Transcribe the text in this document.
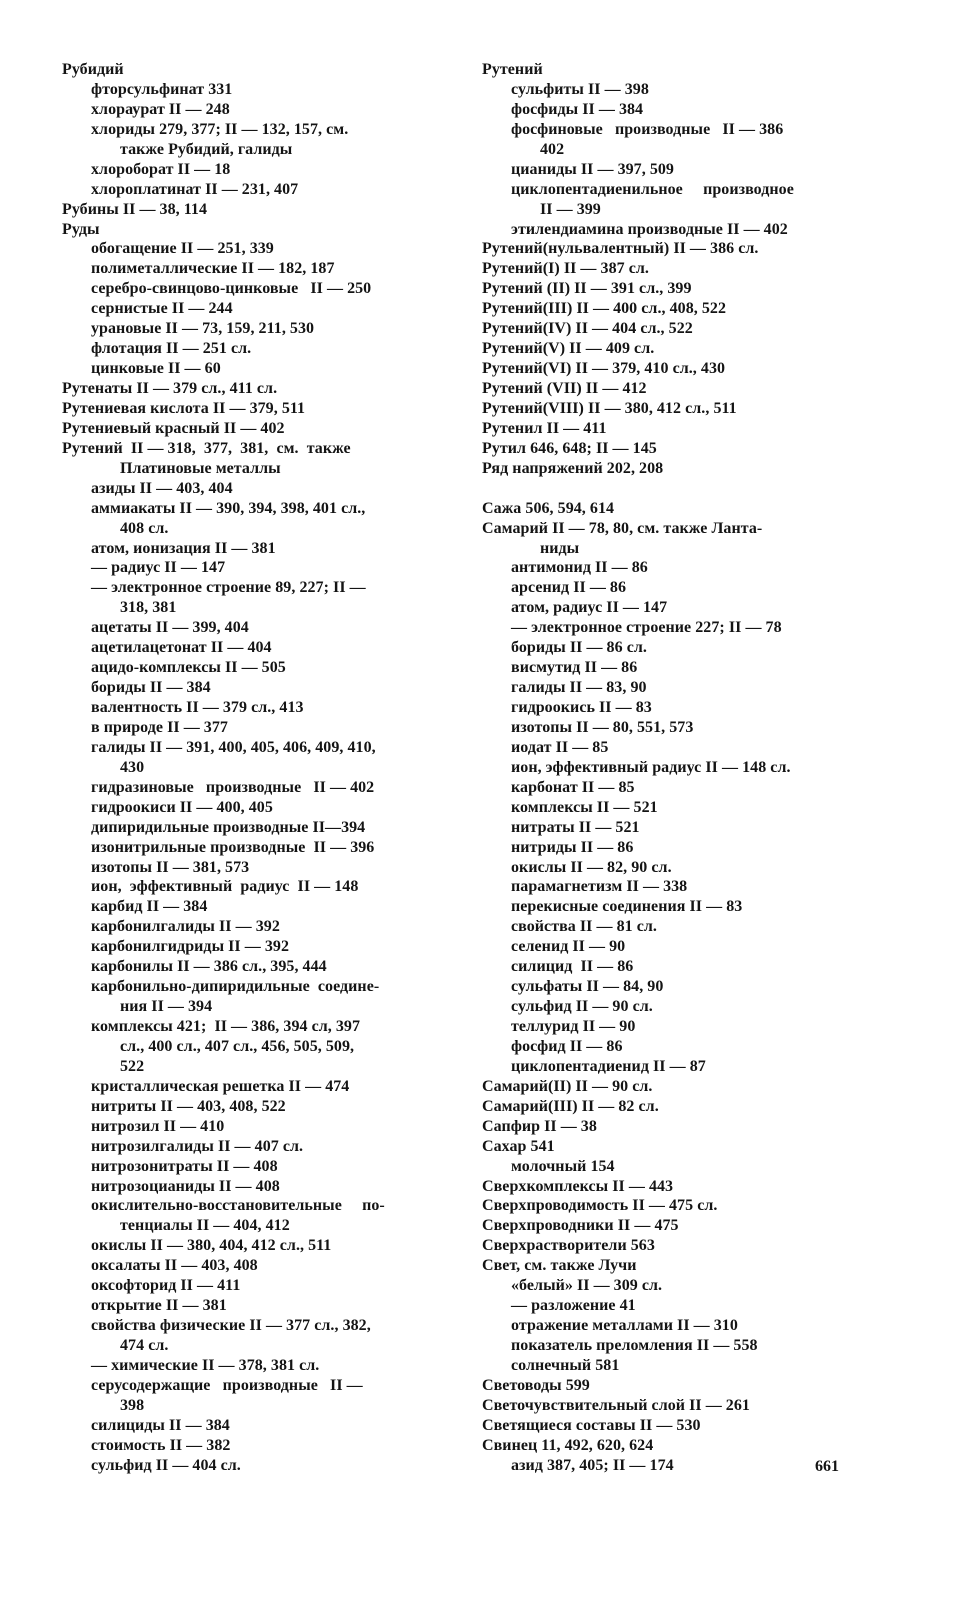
Рубидий
фторсульфинат 331
хлораурат II — 248
хлориды 279, 377; II — 132, 157, см.
также Рубидий, галиды
хлороборат II — 18
хлороплатинат II — 231, 407
Рубины II — 38, 114
Руды
обогащение II — 251, 339
полиметаллические II — 182, 187
серебро-свинцово-цинковые   II — 250
сернистые II — 244
урановые II — 73, 159, 211, 530
флотация II — 251 сл.
цинковые II — 60
Рутенаты II — 379 сл., 411 сл.
Рутениевая кислота II — 379, 511
Рутениевый красный II — 402
Рутений  II — 318,  377,  381,  см.  также
Платиновые металлы
азиды II — 403, 404
аммиакаты II — 390, 394, 398, 401 сл.,
408 сл.
атом, ионизация II — 381
— радиус II — 147
— электронное строение 89, 227; II —
318, 381
ацетаты II — 399, 404
ацетилацетонат II — 404
ацидо-комплексы II — 505
бориды II — 384
валентность II — 379 сл., 413
в природе II — 377
галиды II — 391, 400, 405, 406, 409, 410,
430
гидразиновые   производные   II — 402
гидроокиси II — 400, 405
дипиридильные производные II—394
изонитрильные производные  II — 396
изотопы II — 381, 573
ион,  эффективный  радиус  II — 148
карбид II — 384
карбонилгалиды II — 392
карбонилгидриды II — 392
карбонилы II — 386 сл., 395, 444
карбонильно-дипиридильные  соедине-
ния II — 394
комплексы 421;  II — 386, 394 сл, 397
сл., 400 сл., 407 сл., 456, 505, 509,
522
кристаллическая решетка II — 474
нитриты II — 403, 408, 522
нитрозил II — 410
нитрозилгалиды II — 407 сл.
нитрозонитраты II — 408
нитрозоцианиды II — 408
окислительно-восстановительные     по-
тенциалы II — 404, 412
окислы II — 380, 404, 412 сл., 511
оксалаты II — 403, 408
оксофторид II — 411
открытие II — 381
свойства физические II — 377 сл., 382,
474 сл.
— химические II — 378, 381 сл.
серусодержащие   производные   II —
398
силициды II — 384
стоимость II — 382
сульфид II — 404 сл.
Рутений
сульфиты II — 398
фосфиды II — 384
фосфиновые   производные   II — 386
402
цианиды II — 397, 509
циклопентадиенильное     производное
II — 399
этилендиамина производные II — 402
Рутений(нульвалентный) II — 386 сл.
Рутений(I) II — 387 сл.
Рутений (II) II — 391 сл., 399
Рутений(III) II — 400 сл., 408, 522
Рутений(IV) II — 404 сл., 522
Рутений(V) II — 409 сл.
Рутений(VI) II — 379, 410 сл., 430
Рутений (VII) II — 412
Рутений(VIII) II — 380, 412 сл., 511
Рутенил II — 411
Рутил 646, 648; II — 145
Ряд напряжений 202, 208
Сажа 506, 594, 614
Самарий II — 78, 80, см. также Ланта-
ниды
антимонид II — 86
арсенид II — 86
атом, радиус II — 147
— электронное строение 227; II — 78
бориды II — 86 сл.
висмутид II — 86
галиды II — 83, 90
гидроокись II — 83
изотопы II — 80, 551, 573
иодат II — 85
ион, эффективный радиус II — 148 сл.
карбонат II — 85
комплексы II — 521
нитраты II — 521
нитриды II — 86
окислы II — 82, 90 сл.
парамагнетизм II — 338
перекисные соединения II — 83
свойства II — 81 сл.
селенид II — 90
силицид  II — 86
сульфаты II — 84, 90
сульфид II — 90 сл.
теллурид II — 90
фосфид II — 86
циклопентадиенид II — 87
Самарий(II) II — 90 сл.
Самарий(III) II — 82 сл.
Сапфир II — 38
Сахар 541
молочный 154
Сверхкомплексы II — 443
Сверхпроводимость II — 475 сл.
Сверхпроводники II — 475
Сверхрастворители 563
Свет, см. также Лучи
«белый» II — 309 сл.
— разложение 41
отражение металлами II — 310
показатель преломления II — 558
солнечный 581
Световоды 599
Светочувствительный слой II — 261
Светящиеся составы II — 530
Свинец 11, 492, 620, 624
азид 387, 405; II — 174	661
